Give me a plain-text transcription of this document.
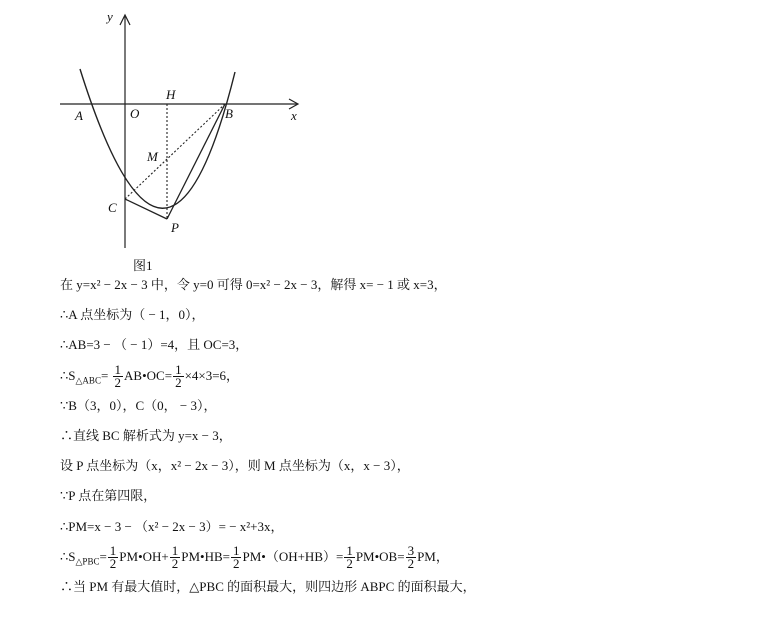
y
x
O
A	B
H
M
C
P
图1
在 y=x² − 2x − 3 中，令 y=0 可得 0=x² − 2x − 3，解得 x= − 1 或 x=3，
∴A 点坐标为（ − 1，0），
∴AB=3 − （ − 1）=4，且 OC=3，
$\therefore S_{\triangle ABC}= \frac{1}{2}$ AB•OC= $\frac{1}{2} \times 4\times 3=6$，
∵B（3，0），C（0， − 3），
∴直线 BC 解析式为 y=x − 3，
设 P 点坐标为（x，x² − 2x − 3），则 M 点坐标为（x，x − 3），
∵P 点在第四限，
∴PM=x − 3 − （x² − 2x − 3）= − x²+3x，
$\therefore S_{\triangle PBC}= \frac{1}{2}$ PM•OH+ $\frac{1}{2}$ PM•HB= $\frac{1}{2}$ PM•（OH+HB）= $\frac{1}{2}$ PM•OB= $\frac{3}{2}$ PM，
∴当 PM 有最大值时，△PBC 的面积最大，则四边形 ABPC 的面积最大，
